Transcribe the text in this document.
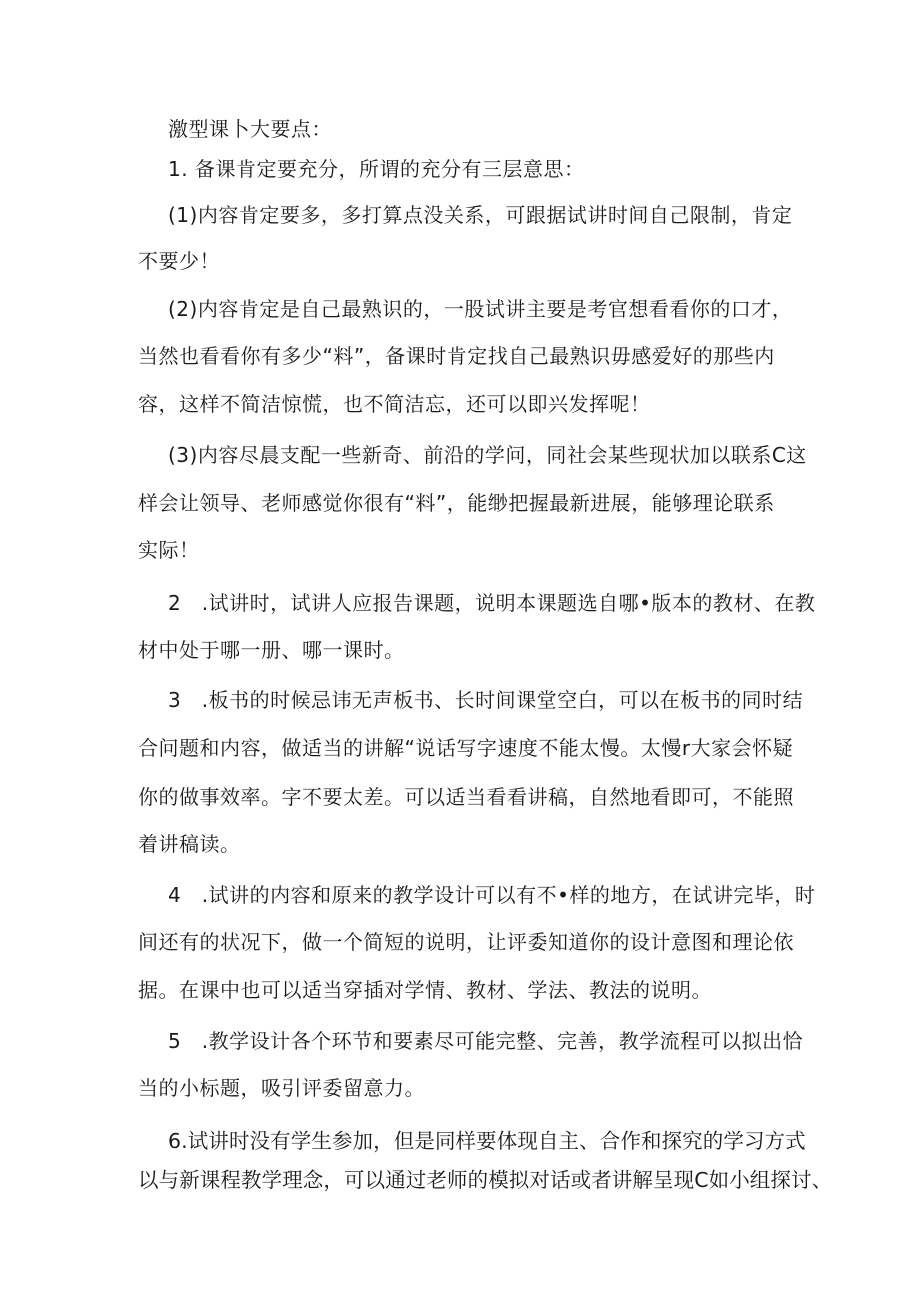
激型课卜大要点：
1. 备课肯定要充分，所谓的充分有三层意思：
(1)内容肯定要多，多打算点没关系，可跟据试讲时间自己限制，肯定
不要少！
(2)内容肯定是自己最熟识的，一股试讲主要是考官想看看你的口才，
当然也看看你有多少“料”，备课时肯定找自己最熟识毋感爱好的那些内
容，这样不简洁惊慌，也不简洁忘，还可以即兴发挥呢！
(3)内容尽晨支配一些新奇、前沿的学问，同社会某些现状加以联系C这
样会让领导、老师感觉你很有“料”，能缈把握最新进展，能够理论联系
实际！
2　.试讲时，试讲人应报告课题，说明本课题选自哪•版本的教材、在教
材中处于哪一册、哪一课时。
3　.板书的时候忌讳无声板书、长时间课堂空白，可以在板书的同时结
合问题和内容，做适当的讲解“说话写字速度不能太慢。太慢r大家会怀疑
你的做事效率。字不要太差。可以适当看看讲稿，自然地看即可，不能照
着讲稿读。
4　.试讲的内容和原来的教学设计可以有不•样的地方，在试讲完毕，时
间还有的状况下，做一个简短的说明，让评委知道你的设计意图和理论依
据。在课中也可以适当穿插对学情、教材、学法、教法的说明。
5　.教学设计各个环节和要素尽可能完整、完善，教学流程可以拟出恰
当的小标题，吸引评委留意力。
6.试讲时没有学生参加，但是同样要体现自主、合作和探究的学习方式
以与新课程教学理念，可以通过老师的模拟对话或者讲解呈现C如小组探讨、
